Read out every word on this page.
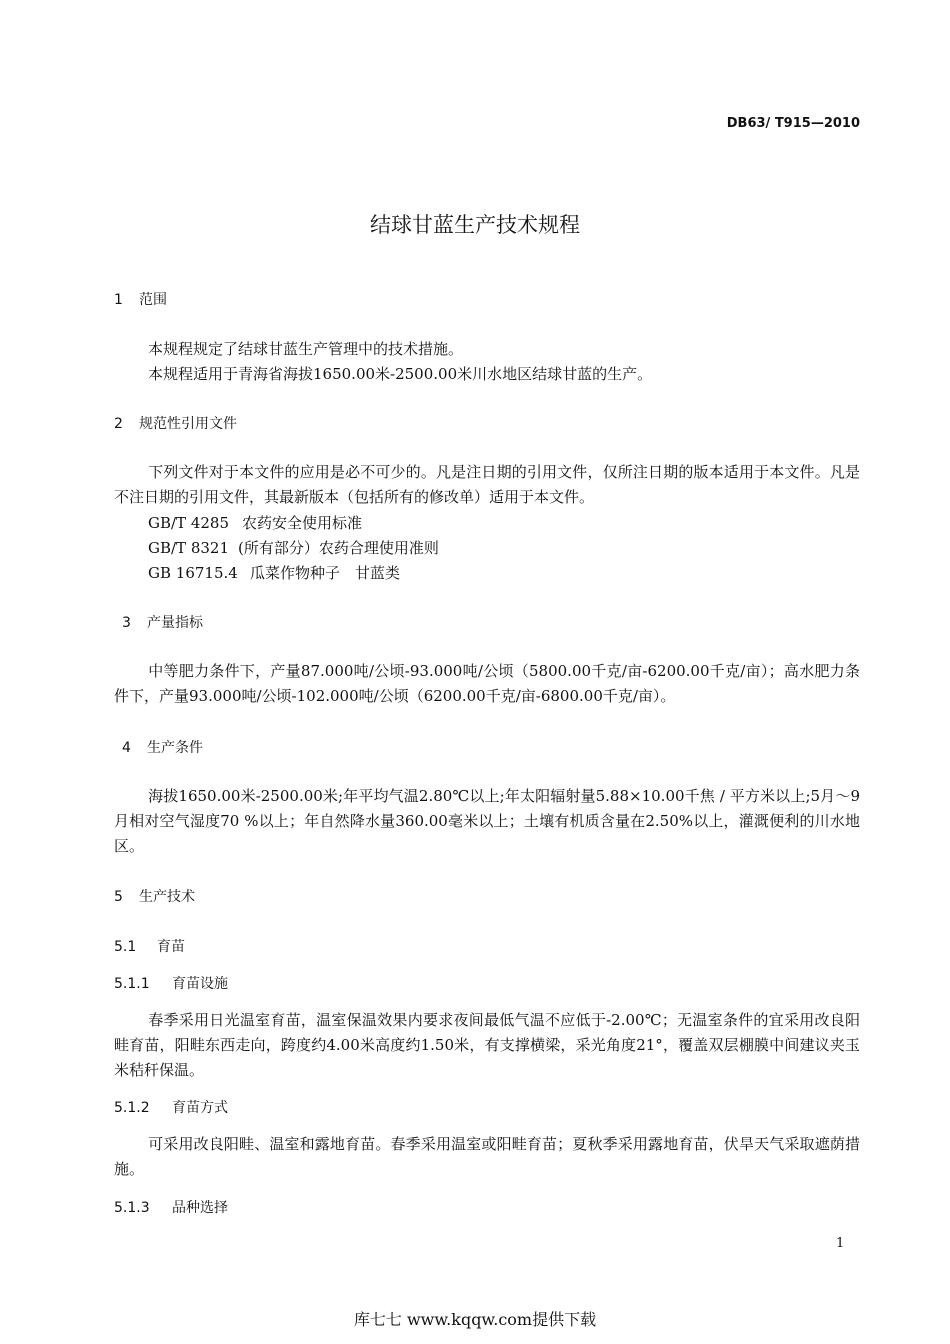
DB63/ T915—2010
结球甘蓝生产技术规程
1 范围
本规程规定了结球甘蓝生产管理中的技术措施。
本规程适用于青海省海拔1650.00米-2500.00米川水地区结球甘蓝的生产。
2 规范性引用文件
下列文件对于本文件的应用是必不可少的。凡是注日期的引用文件，仅所注日期的版本适用于本文件。凡是不注日期的引用文件，其最新版本（包括所有的修改单）适用于本文件。
GB/T 4285 农药安全使用标准
GB/T 8321 (所有部分）农药合理使用准则
GB 16715.4 瓜菜作物种子　甘蓝类
3 产量指标
中等肥力条件下，产量87.000吨/公顷-93.000吨/公顷（5800.00千克/亩-6200.00千克/亩）；高水肥力条件下，产量93.000吨/公顷-102.000吨/公顷（6200.00千克/亩-6800.00千克/亩）。
4 生产条件
海拔1650.00米-2500.00米;年平均气温2.80℃以上;年太阳辐射量5.88×10.00千焦 / 平方米以上;5月～9月相对空气湿度70 %以上；年自然降水量360.00毫米以上；土壤有机质含量在2.50%以上，灌溉便利的川水地区。
5 生产技术
5.1 育苗
5.1.1 育苗设施
春季采用日光温室育苗，温室保温效果内要求夜间最低气温不应低于-2.00℃；无温室条件的宜采用改良阳畦育苗，阳畦东西走向，跨度约4.00米高度约1.50米，有支撑横梁，采光角度21°，覆盖双层棚膜中间建议夹玉米秸秆保温。
5.1.2 育苗方式
可采用改良阳畦、温室和露地育苗。春季采用温室或阳畦育苗；夏秋季采用露地育苗，伏旱天气采取遮荫措施。
5.1.3 品种选择
1
库七七 www.kqqw.com提供下载
